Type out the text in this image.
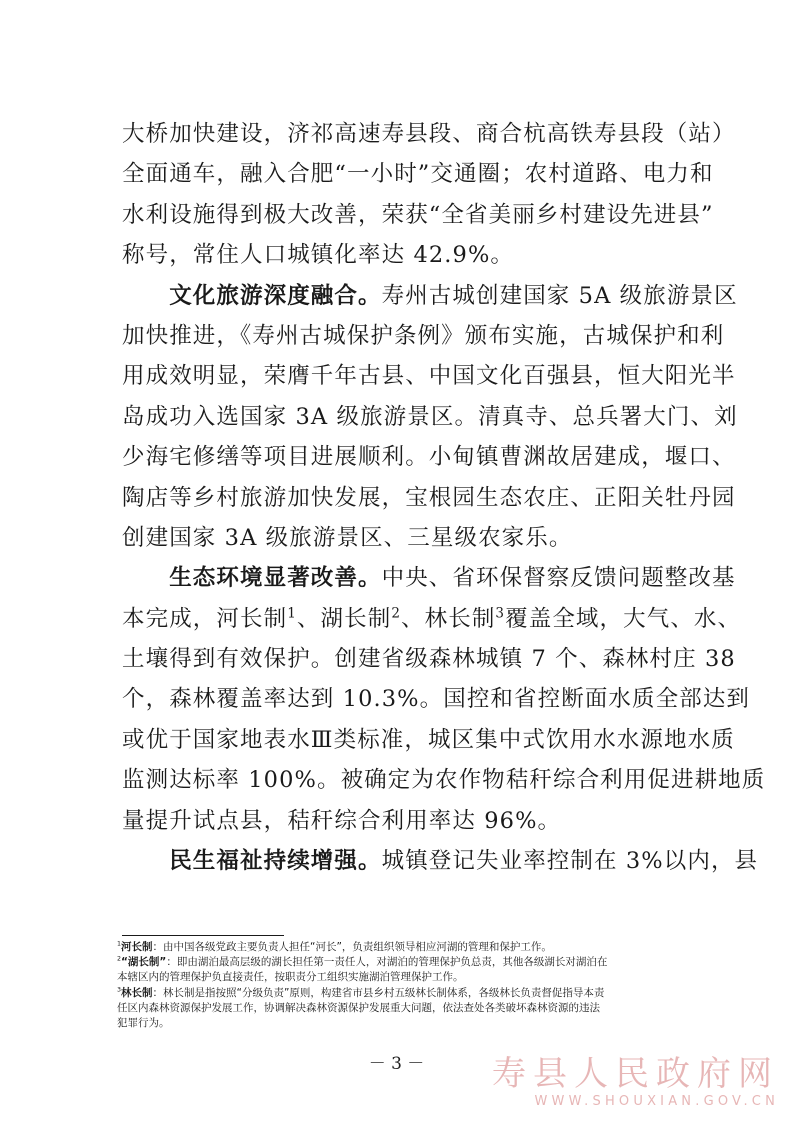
大桥加快建设，济祁高速寿县段、商合杭高铁寿县段（站）
全面通车，融入合肥“一小时”交通圈；农村道路、电力和
水利设施得到极大改善，荣获“全省美丽乡村建设先进县”
称号，常住人口城镇化率达 42.9%。
　　文化旅游深度融合。寿州古城创建国家 5A 级旅游景区
加快推进，《寿州古城保护条例》颁布实施，古城保护和利
用成效明显，荣膺千年古县、中国文化百强县，恒大阳光半
岛成功入选国家 3A 级旅游景区。清真寺、总兵署大门、刘
少海宅修缮等项目进展顺利。小甸镇曹渊故居建成，堰口、
陶店等乡村旅游加快发展，宝根园生态农庄、正阳关牡丹园
创建国家 3A 级旅游景区、三星级农家乐。
　　生态环境显著改善。中央、省环保督察反馈问题整改基
本完成，河长制$^1$、湖长制$^2$、林长制$^3$覆盖全域，大气、水、
土壤得到有效保护。创建省级森林城镇 7 个、森林村庄 38
个，森林覆盖率达到 10.3%。国控和省控断面水质全部达到
或优于国家地表水Ⅲ类标准，城区集中式饮用水水源地水质
监测达标率 100%。被确定为农作物秸秆综合利用促进耕地质
量提升试点县，秸秆综合利用率达 96%。
　　民生福祉持续增强。城镇登记失业率控制在 3%以内，县
$^1$河长制：由中国各级党政主要负责人担任“河长”，负责组织领导相应河湖的管理和保护工作。
$^2$“湖长制”：即由湖泊最高层级的湖长担任第一责任人，对湖泊的管理保护负总责，其他各级湖长对湖泊在
本辖区内的管理保护负直接责任，按职责分工组织实施湖泊管理保护工作。
$^3$林长制：林长制是指按照“分级负责”原则，构建省市县乡村五级林长制体系，各级林长负责督促指导本责
任区内森林资源保护发展工作，协调解决森林资源保护发展重大问题，依法查处各类破坏森林资源的违法
犯罪行为。
－ 3 －	寿县人民政府网
WWW.SHOUXIAN.GOV.CN
